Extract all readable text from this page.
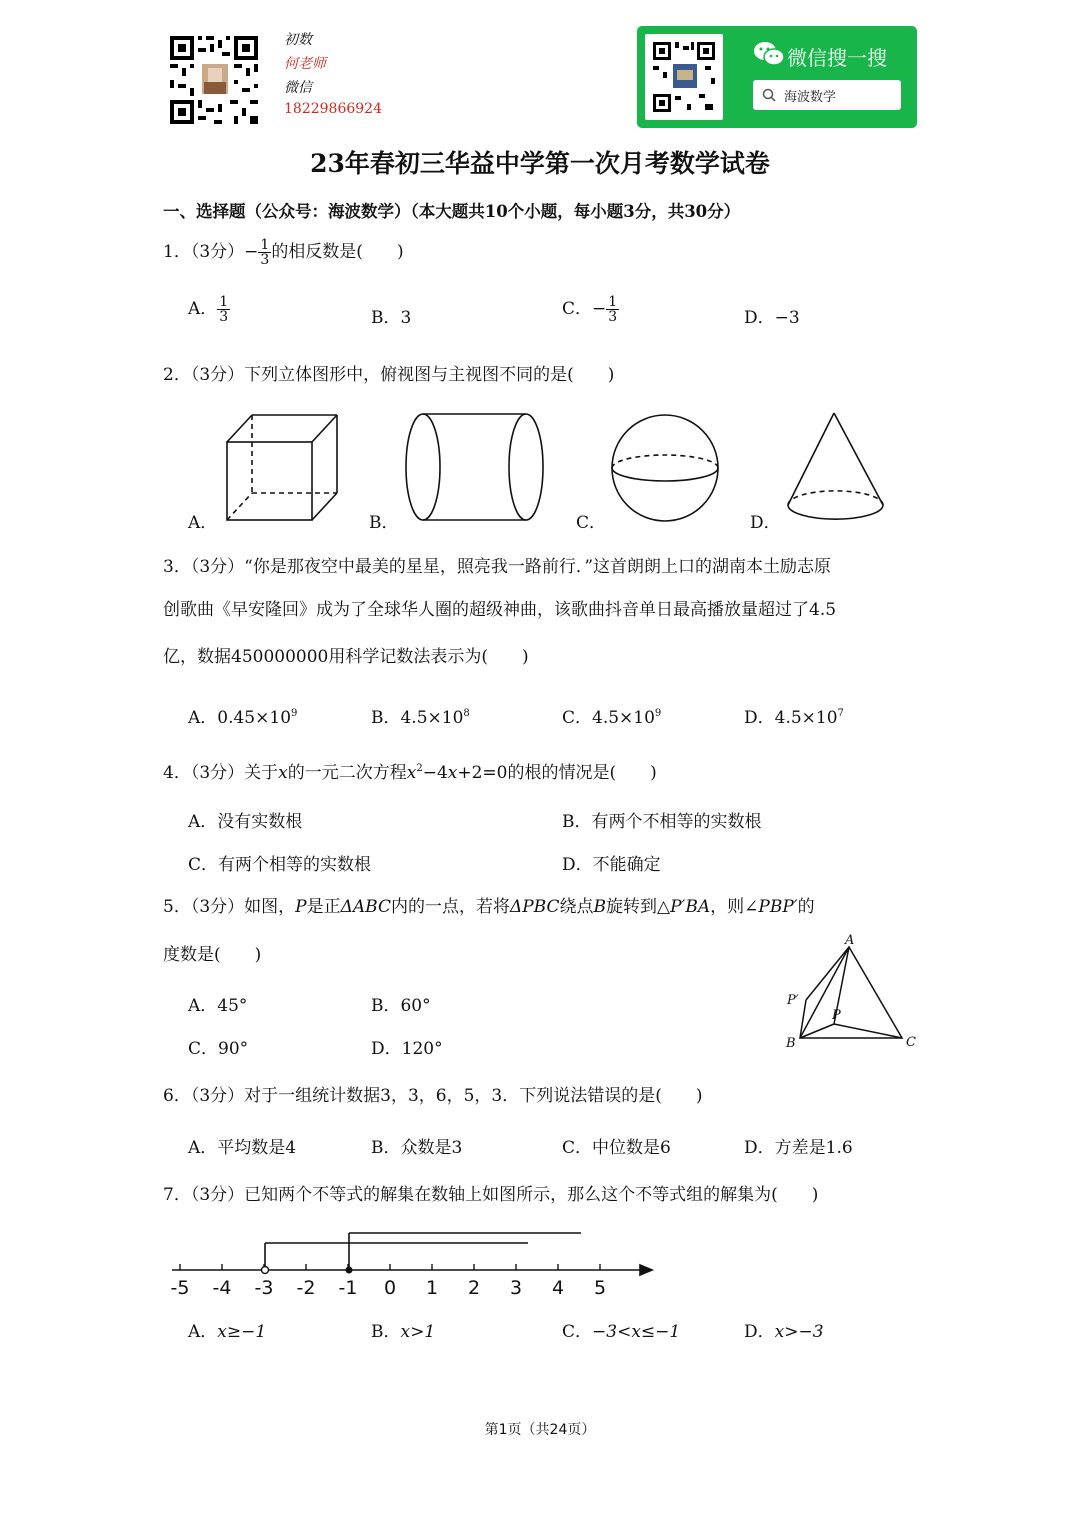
初数
何老师
微信
18229866924
微信搜一搜
海波数学
23年春初三华益中学第一次月考数学试卷
一、选择题（公众号：海波数学）（本大题共10个小题，每小题3分，共30分）
1．（3分）− $\frac{1}{3}$ 的相反数是(　　)
A． $\frac{1}{3}$	B．3	C．− $\frac{1}{3}$	D．−3
2．（3分）下列立体图形中，俯视图与主视图不同的是(　　)
A．	B．	C．	D．
3．（3分）“你是那夜空中最美的星星，照亮我一路前行．”这首朗朗上口的湖南本土励志原
创歌曲《早安隆回》成为了全球华人圈的超级神曲，该歌曲抖音单日最高播放量超过了4.5
亿，数据450000000用科学记数法表示为(　　)
A．$0.45\times 10^9$	B．$4.5\times 10^8$	C．$4.5\times 10^9$	D．$4.5\times 10^7$
4．（3分）关于x的一元二次方程$x^2-4x+2=0$的根的情况是(　　)
A．没有实数根	B．有两个不相等的实数根
C．有两个相等的实数根	D．不能确定
5．（3分）如图，P是正ΔABC内的一点，若将ΔPBC绕点B旋转到△P′BA，则∠PBP′的
度数是(　　)
A．45°	B．60°
C．90°	D．120°
A
P′
P
B	C
6．（3分）对于一组统计数据3，3，6，5，3．下列说法错误的是(　　)
A．平均数是4	B．众数是3	C．中位数是6	D．方差是1.6
7．（3分）已知两个不等式的解集在数轴上如图所示，那么这个不等式组的解集为(　　)
-5 -4 -3 -2 -1 0 1 2 3 4 5
A．x≥−1	B．x>1	C．−3<x≤−1	D．x>−3
第1页（共24页）
